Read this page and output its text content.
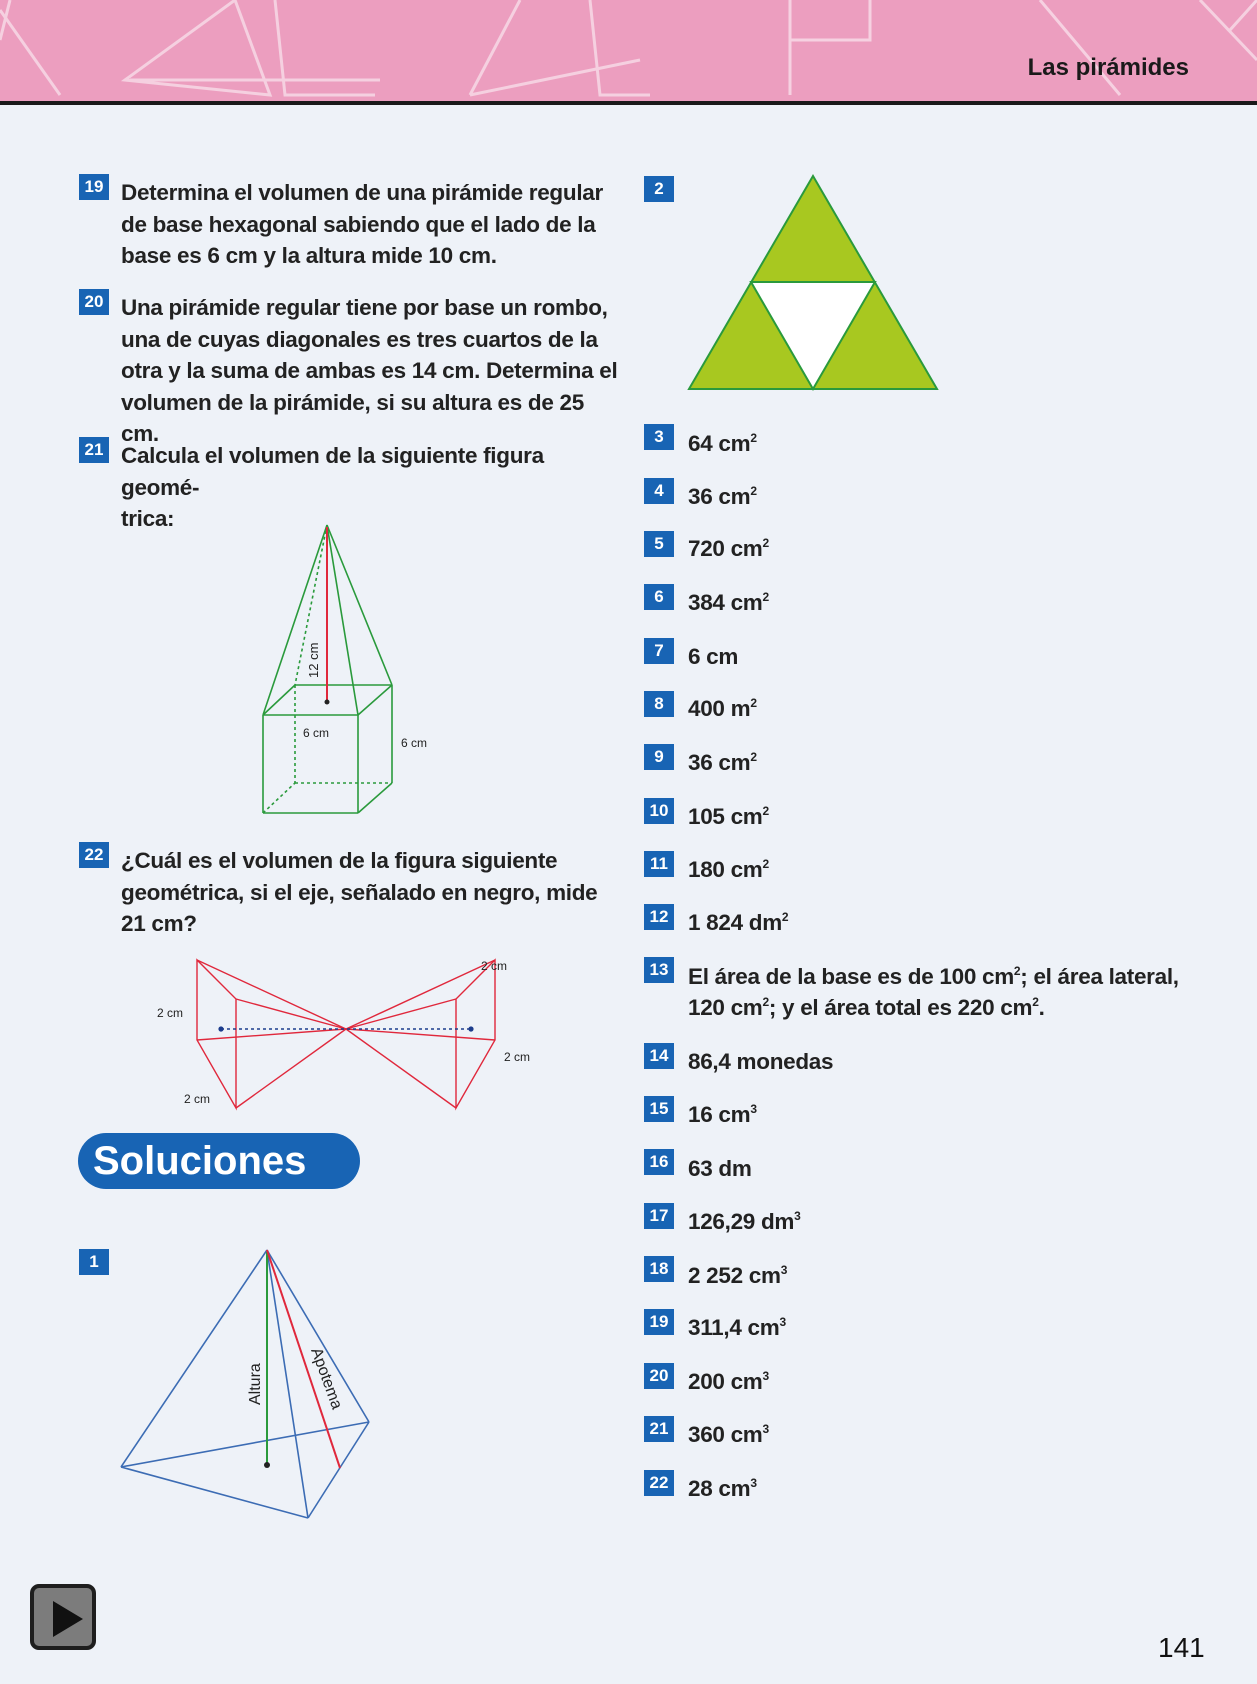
Las pirámides
19 Determina el volumen de una pirámide regular
de base hexagonal sabiendo que el lado de la
base es 6 cm y la altura mide 10 cm.
20 Una pirámide regular tiene por base un rombo,
una de cuyas diagonales es tres cuartos de la
otra y la suma de ambas es 14 cm. Determina el
volumen de la pirámide, si su altura es de 25 cm.
21 Calcula el volumen de la siguiente figura geomé-
trica:
12 cm
6 cm
6 cm
22 ¿Cuál es el volumen de la figura siguiente
geométrica, si el eje, señalado en negro, mide
21 cm?
2 cm
2 cm
2 cm
2 cm
Soluciones
1
Altura	Apotema
2
3	64 $cm^2$
4	36 $cm^2$
5	720 $cm^2$
6	384 $cm^2$
7	6 cm
8	400 $m^2$
9	36 $cm^2$
10 105 $cm^2$
11 180 $cm^2$
12 1 824 $dm^2$
13 El área de la base es de 100 $cm^2$; el área lateral,
120 $cm^2$; y el área total es 220 $cm^2$.
14 86,4 monedas
15 16 $cm^3$
16 63 dm
17 126,29 $dm^3$
18 2 252 $cm^3$
19 311,4 $cm^3$
20 200 $cm^3$
21 360 $cm^3$
22 28 $cm^3$
141
